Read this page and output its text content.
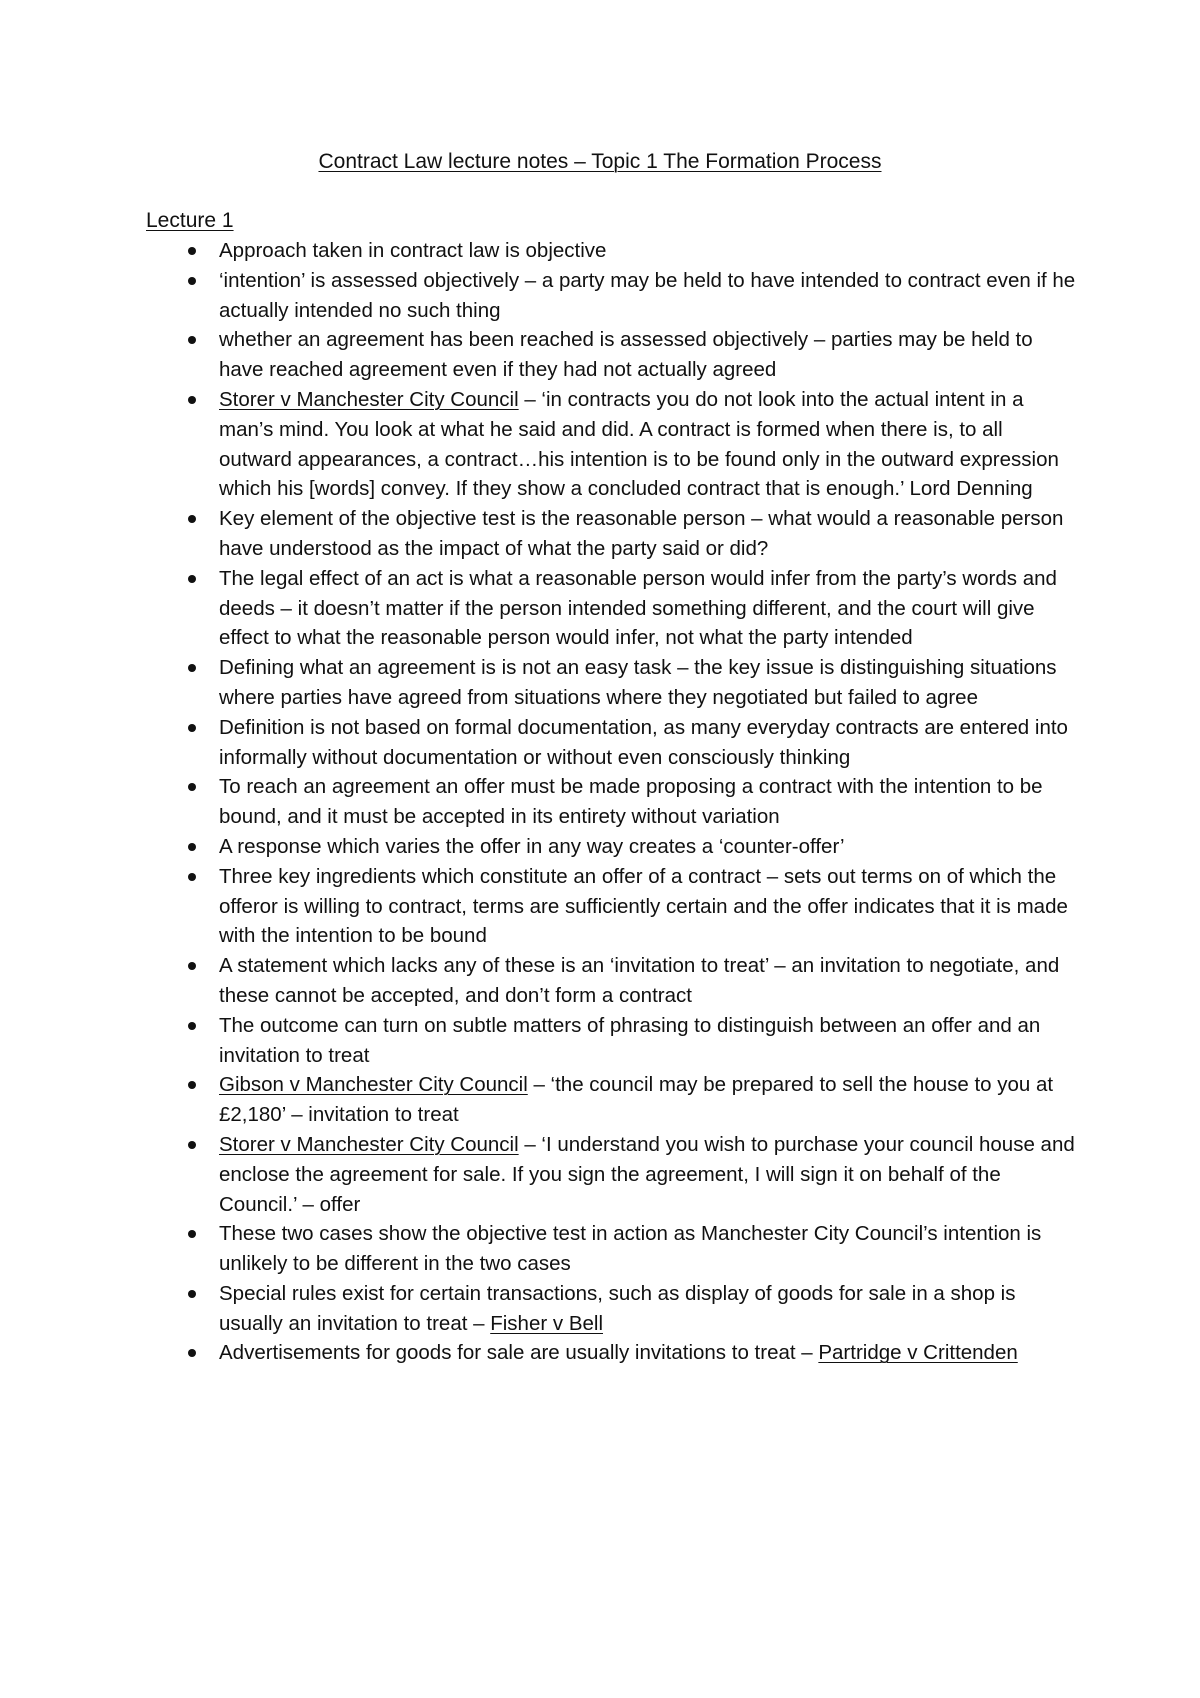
Contract Law lecture notes – Topic 1 The Formation Process
Lecture 1
Approach taken in contract law is objective
‘intention’ is assessed objectively – a party may be held to have intended to contract even if he actually intended no such thing
whether an agreement has been reached is assessed objectively – parties may be held to have reached agreement even if they had not actually agreed
Storer v Manchester City Council – ‘in contracts you do not look into the actual intent in a man’s mind. You look at what he said and did. A contract is formed when there is, to all outward appearances, a contract…his intention is to be found only in the outward expression which his [words] convey. If they show a concluded contract that is enough.’ Lord Denning
Key element of the objective test is the reasonable person – what would a reasonable person have understood as the impact of what the party said or did?
The legal effect of an act is what a reasonable person would infer from the party’s words and deeds – it doesn’t matter if the person intended something different, and the court will give effect to what the reasonable person would infer, not what the party intended
Defining what an agreement is is not an easy task – the key issue is distinguishing situations where parties have agreed from situations where they negotiated but failed to agree
Definition is not based on formal documentation, as many everyday contracts are entered into informally without documentation or without even consciously thinking
To reach an agreement an offer must be made proposing a contract with the intention to be bound, and it must be accepted in its entirety without variation
A response which varies the offer in any way creates a ‘counter-offer’
Three key ingredients which constitute an offer of a contract – sets out terms on of which the offeror is willing to contract, terms are sufficiently certain and the offer indicates that it is made with the intention to be bound
A statement which lacks any of these is an ‘invitation to treat’ – an invitation to negotiate, and these cannot be accepted, and don’t form a contract
The outcome can turn on subtle matters of phrasing to distinguish between an offer and an invitation to treat
Gibson v Manchester City Council – ‘the council may be prepared to sell the house to you at £2,180’ – invitation to treat
Storer v Manchester City Council – ‘I understand you wish to purchase your council house and enclose the agreement for sale. If you sign the agreement, I will sign it on behalf of the Council.’ – offer
These two cases show the objective test in action as Manchester City Council’s intention is unlikely to be different in the two cases
Special rules exist for certain transactions, such as display of goods for sale in a shop is usually an invitation to treat – Fisher v Bell
Advertisements for goods for sale are usually invitations to treat – Partridge v Crittenden
